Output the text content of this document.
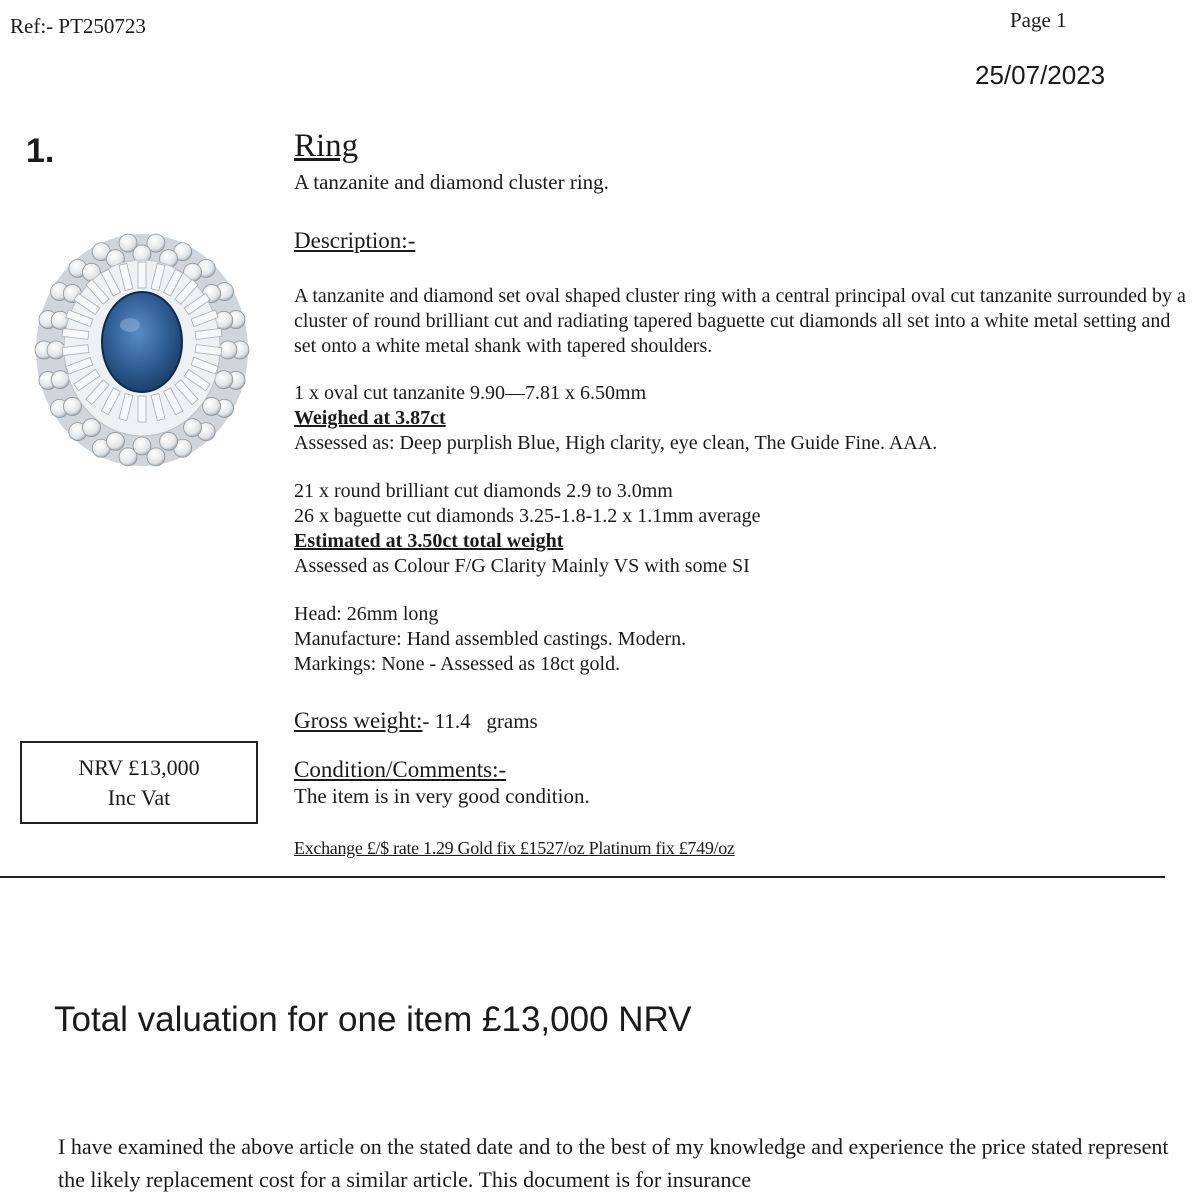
Ref:- PT250723	Page 1
25/07/2023
1.	Ring
A tanzanite and diamond cluster ring.
Description:-
A tanzanite and diamond set oval shaped cluster ring with a central principal oval cut tanzanite surrounded by a cluster of round brilliant cut and radiating tapered baguette cut diamonds all set into a white metal setting and set onto a white metal shank with tapered shoulders.
1 x oval cut tanzanite 9.90—7.81 x 6.50mm
Weighed at 3.87ct
Assessed as: Deep purplish Blue, High clarity, eye clean, The Guide Fine. AAA.
21 x round brilliant cut diamonds 2.9 to 3.0mm
26 x baguette cut diamonds 3.25-1.8-1.2 x 1.1mm average
Estimated at 3.50ct total weight
Assessed as Colour F/G Clarity Mainly VS with some SI
Head: 26mm long
Manufacture: Hand assembled castings. Modern.
Markings: None - Assessed as 18ct gold.
Gross weight:- 11.4   grams
NRV £13,000
Inc Vat
Condition/Comments:-
The item is in very good condition.
Exchange £/$ rate 1.29 Gold fix £1527/oz Platinum fix £749/oz
Total valuation for one item £13,000 NRV
I have examined the above article on the stated date and to the best of my knowledge and experience the price stated represent the likely replacement cost for a similar article. This document is for insurance
